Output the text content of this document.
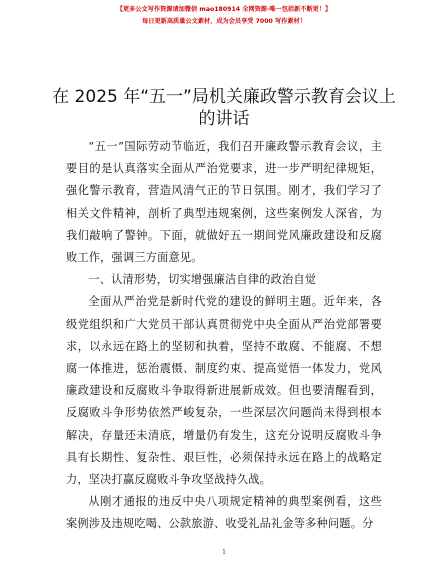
【更多公文写作资源请加微信 mao180914 全网资源·唯一包括新不断更！】
每日更新高质量公文素材，成为会员享受 7000 写作素材！
在 2025 年“五一”局机关廉政警示教育会议上
的讲话

“五一”国际劳动节临近，我们召开廉政警示教育会议，主要目的是认真落实全面从严治党要求，进一步严明纪律规矩，强化警示教育，营造风清气正的节日氛围。刚才，我们学习了相关文件精神，剖析了典型违规案例，这些案例发人深省，为我们敲响了警钟。下面，就做好五一期间党风廉政建设和反腐败工作，强调三方面意见。

一、认清形势，切实增强廉洁自律的政治自觉

全面从严治党是新时代党的建设的鲜明主题。近年来，各级党组织和广大党员干部认真贯彻党中央全面从严治党部署要求，以永远在路上的坚韧和执着，坚持不敢腐、不能腐、不想腐一体推进，惩治震慑、制度约束、提高觉悟一体发力，党风廉政建设和反腐败斗争取得新进展新成效。但也要清醒看到，反腐败斗争形势依然严峻复杂，一些深层次问题尚未得到根本解决，存量还未清底，增量仍有发生，这充分说明反腐败斗争具有长期性、复杂性、艰巨性，必须保持永远在路上的战略定力，坚决打赢反腐败斗争攻坚战持久战。

从刚才通报的违反中央八项规定精神的典型案例看，这些案例涉及违规吃喝、公款旅游、收受礼品礼金等多种问题。分

1
